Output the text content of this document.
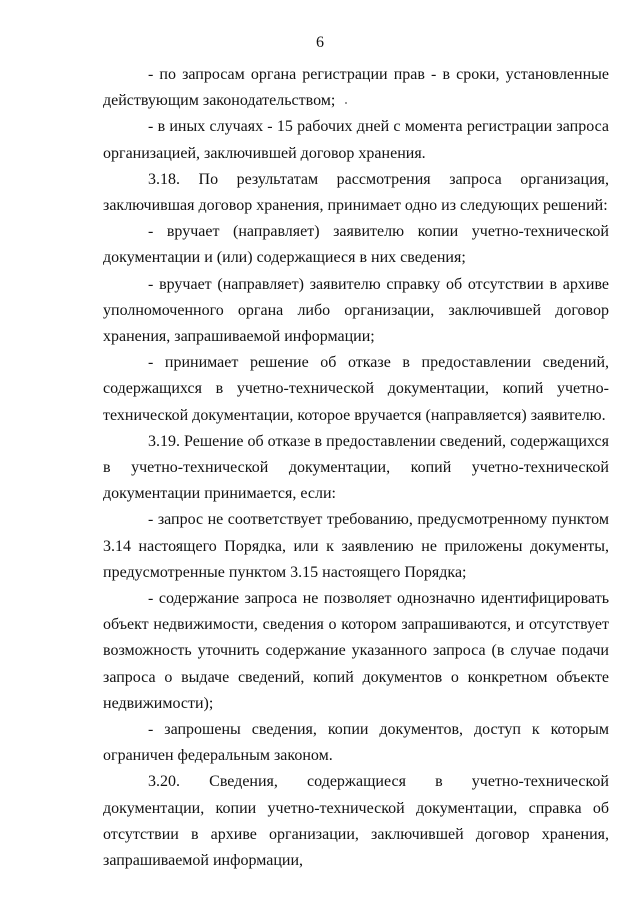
6

- по запросам органа регистрации прав - в сроки, установленные действующим законодательством;

- в иных случаях - 15 рабочих дней с момента регистрации запроса организацией, заключившей договор хранения.

3.18. По результатам рассмотрения запроса организация, заключившая договор хранения, принимает одно из следующих решений:

- вручает (направляет) заявителю копии учетно-технической документации и (или) содержащиеся в них сведения;

- вручает (направляет) заявителю справку об отсутствии в архиве уполномоченного органа либо организации, заключившей договор хранения, запрашиваемой информации;

- принимает решение об отказе в предоставлении сведений, содержащихся в учетно-технической документации, копий учетно-технической документации, которое вручается (направляется) заявителю.

3.19. Решение об отказе в предоставлении сведений, содержащихся в учетно-технической документации, копий учетно-технической документации принимается, если:

- запрос не соответствует требованию, предусмотренному пунктом 3.14 настоящего Порядка, или к заявлению не приложены документы, предусмотренные пунктом 3.15 настоящего Порядка;

- содержание запроса не позволяет однозначно идентифицировать объект недвижимости, сведения о котором запрашиваются, и отсутствует возможность уточнить содержание указанного запроса (в случае подачи запроса о выдаче сведений, копий документов о конкретном объекте недвижимости);

- запрошены сведения, копии документов, доступ к которым ограничен федеральным законом.

3.20. Сведения, содержащиеся в учетно-технической документации, копии учетно-технической документации, справка об отсутствии в архиве организации, заключившей договор хранения, запрашиваемой информации,
